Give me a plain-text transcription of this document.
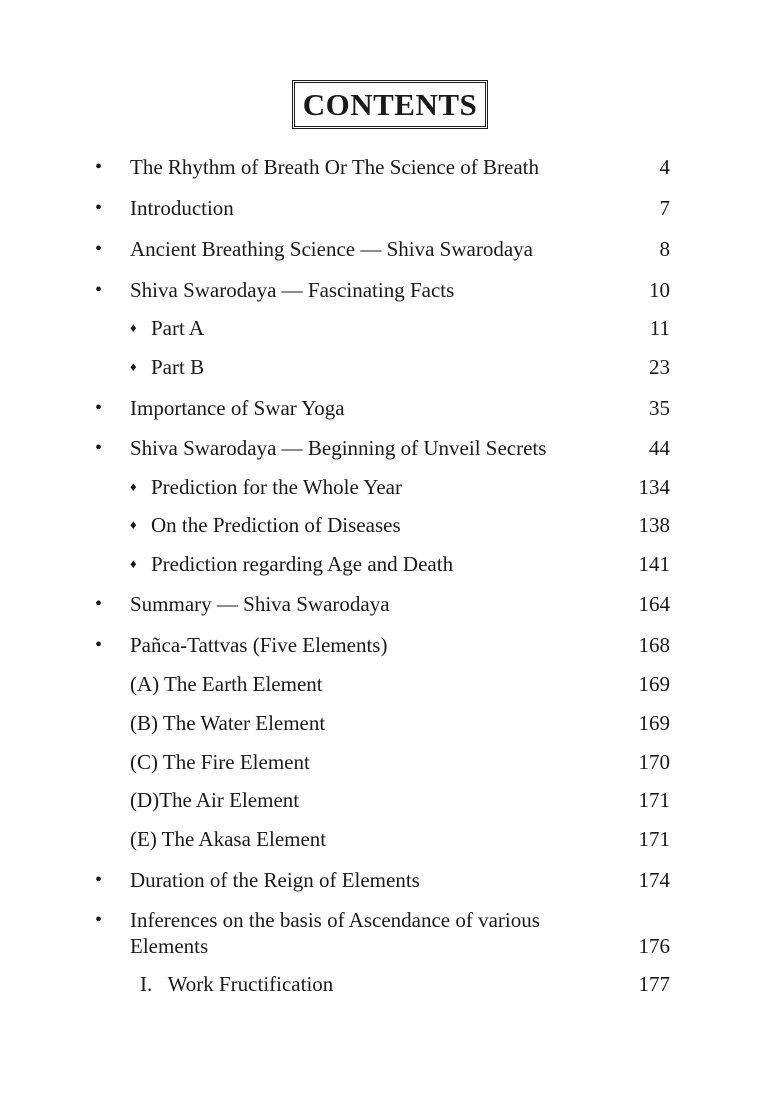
CONTENTS
• The Rhythm of Breath Or The Science of Breath	4
• Introduction	7
• Ancient Breathing Science — Shiva Swarodaya	8
• Shiva Swarodaya — Fascinating Facts	10
♦ Part A	11
♦ Part B	23
• Importance of Swar Yoga	35
• Shiva Swarodaya — Beginning of Unveil Secrets	44
♦ Prediction for the Whole Year	134
♦ On the Prediction of Diseases	138
♦ Prediction regarding Age and Death	141
• Summary — Shiva Swarodaya	164
• Pañca-Tattvas (Five Elements)	168
(A) The Earth Element	169
(B) The Water Element	169
(C) The Fire Element	170
(D)The Air Element	171
(E) The Akasa Element	171
• Duration of the Reign of Elements	174
• Inferences on the basis of Ascendance of various Elements	176
I.   Work Fructification	177
